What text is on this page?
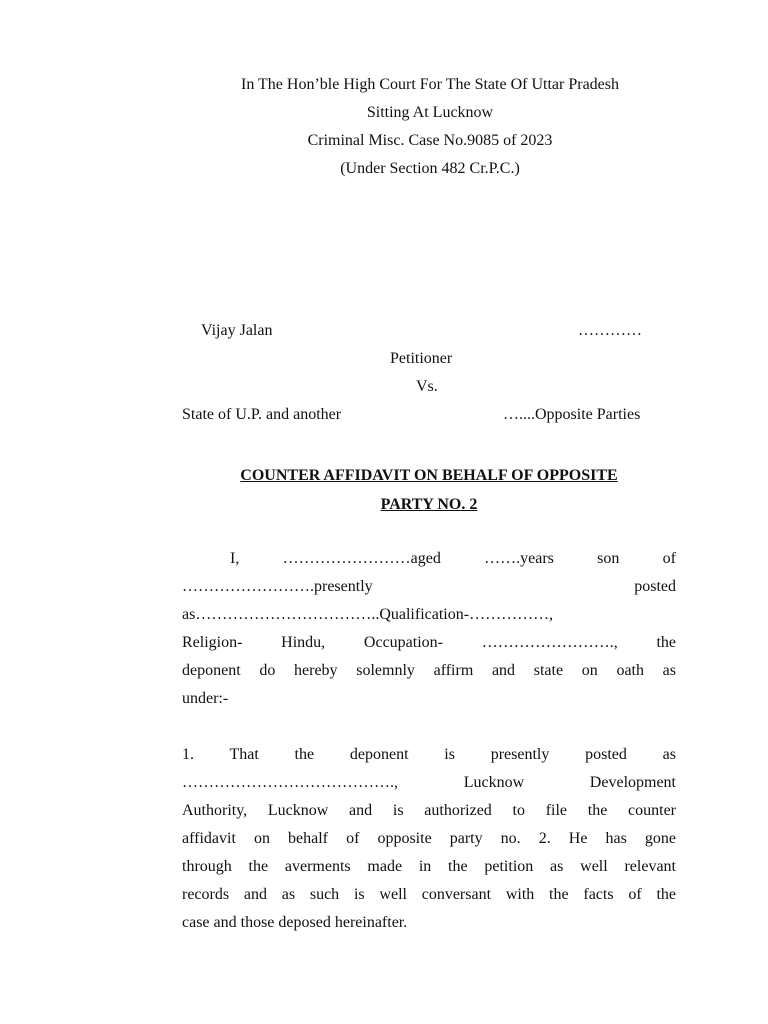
In The Hon’ble High Court For The State Of Uttar Pradesh
Sitting At Lucknow
Criminal Misc. Case No.9085 of 2023
(Under Section 482 Cr.P.C.)
Vijay Jalan	…………
Petitioner
Vs.
State of U.P. and another	…....Opposite Parties
COUNTER AFFIDAVIT ON BEHALF OF OPPOSITE
PARTY NO. 2
I, ……………………aged …….years son of
…………………….presently posted
as……………………………..Qualification-……………,
Religion- Hindu, Occupation- ……………………., the
deponent do hereby solemnly affirm and state on oath as
under:-
1. That the deponent is presently posted as
…………………………………., Lucknow Development
Authority, Lucknow and is authorized to file the counter
affidavit on behalf of opposite party no. 2. He has gone
through the averments made in the petition as well relevant
records and as such is well conversant with the facts of the
case and those deposed hereinafter.
